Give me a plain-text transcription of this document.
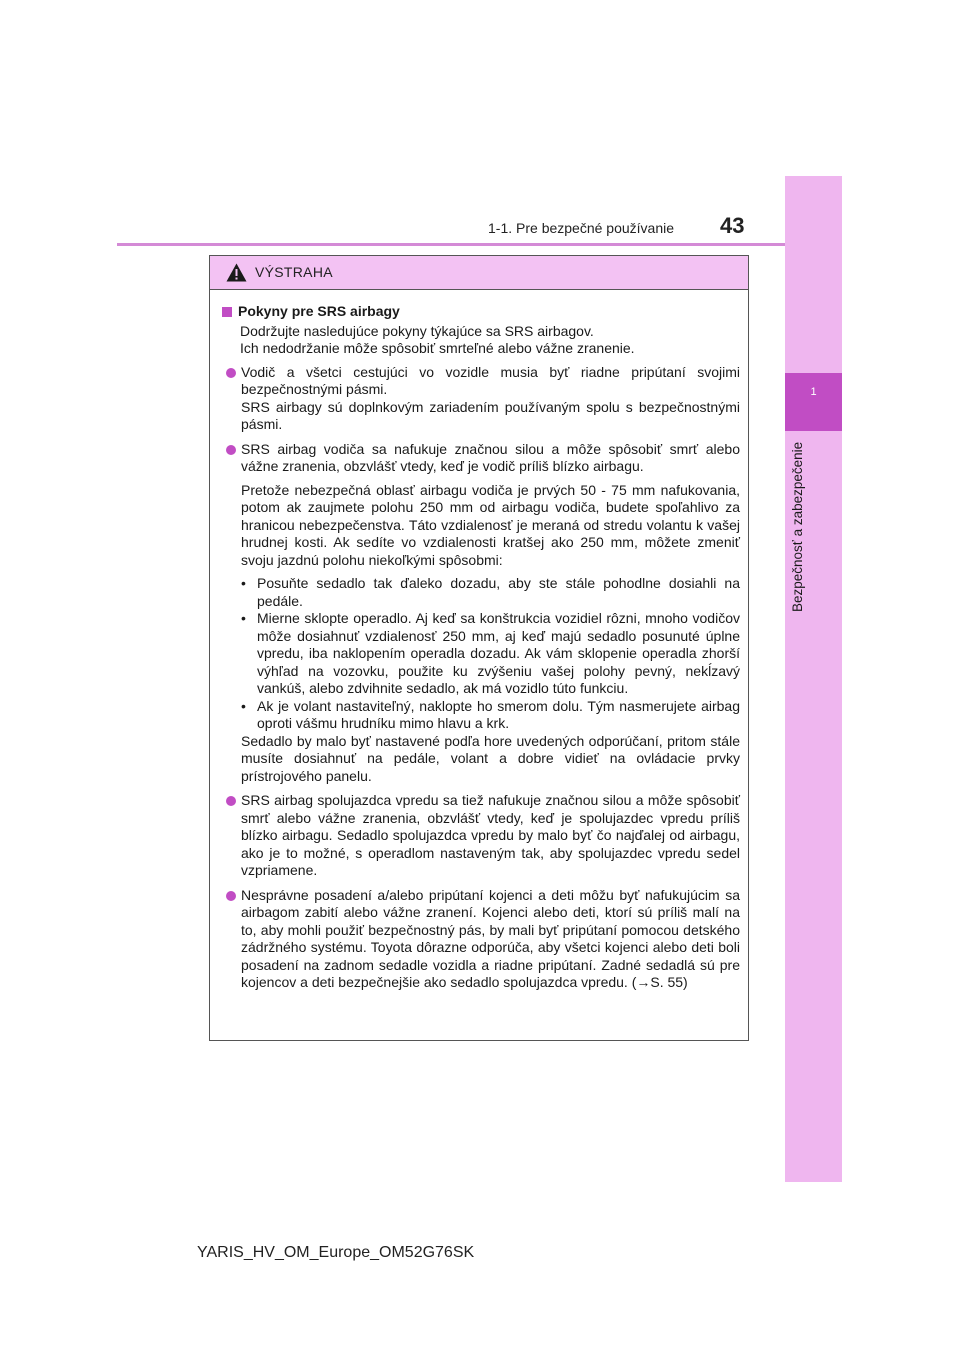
1
Bezpečnosť a zabezpečenie
1-1. Pre bezpečné používanie 43
VÝSTRAHA
Pokyny pre SRS airbagy
Dodržujte nasledujúce pokyny týkajúce sa SRS airbagov.
Ich nedodržanie môže spôsobiť smrteľné alebo vážne zranenie.
Vodič a všetci cestujúci vo vozidle musia byť riadne pripútaní svojimi bezpečnostnými pásmi.
SRS airbagy sú doplnkovým zariadením používaným spolu s bezpečnostnými pásmi.
SRS airbag vodiča sa nafukuje značnou silou a môže spôsobiť smrť alebo vážne zranenia, obzvlášť vtedy, keď je vodič príliš blízko airbagu.
Pretože nebezpečná oblasť airbagu vodiča je prvých 50 - 75 mm nafukovania, potom ak zaujmete polohu 250 mm od airbagu vodiča, budete spoľahlivo za hranicou nebezpečenstva. Táto vzdialenosť je meraná od stredu volantu k vašej hrudnej kosti. Ak sedíte vo vzdialenosti kratšej ako 250 mm, môžete zmeniť svoju jazdnú polohu niekoľkými spôsobmi:
• Posuňte sedadlo tak ďaleko dozadu, aby ste stále pohodlne dosiahli na pedále.
• Mierne sklopte operadlo. Aj keď sa konštrukcia vozidiel rôzni, mnoho vodičov môže dosiahnuť vzdialenosť 250 mm, aj keď majú sedadlo posunuté úplne vpredu, iba naklopením operadla dozadu. Ak vám sklopenie operadla zhorší výhľad na vozovku, použite ku zvýšeniu vašej polohy pevný, nekĺzavý vankúš, alebo zdvihnite sedadlo, ak má vozidlo túto funkciu.
• Ak je volant nastaviteľný, naklopte ho smerom dolu. Tým nasmerujete airbag oproti vášmu hrudníku mimo hlavu a krk.
Sedadlo by malo byť nastavené podľa hore uvedených odporúčaní, pritom stále musíte dosiahnuť na pedále, volant a dobre vidieť na ovládacie prvky prístrojového panelu.
SRS airbag spolujazdca vpredu sa tiež nafukuje značnou silou a môže spôsobiť smrť alebo vážne zranenia, obzvlášť vtedy, keď je spolujazdec vpredu príliš blízko airbagu. Sedadlo spolujazdca vpredu by malo byť čo najďalej od airbagu, ako je to možné, s operadlom nastaveným tak, aby spolujazdec vpredu sedel vzpriamene.
Nesprávne posadení a/alebo pripútaní kojenci a deti môžu byť nafukujúcim sa airbagom zabití alebo vážne zranení. Kojenci alebo deti, ktorí sú príliš malí na to, aby mohli použiť bezpečnostný pás, by mali byť pripútaní pomocou detského zádržného systému. Toyota dôrazne odporúča, aby všetci kojenci alebo deti boli posadení na zadnom sedadle vozidla a riadne pripútaní. Zadné sedadlá sú pre kojencov a deti bezpečnejšie ako sedadlo spolujazdca vpredu. (→S. 55)
YARIS_HV_OM_Europe_OM52G76SK
